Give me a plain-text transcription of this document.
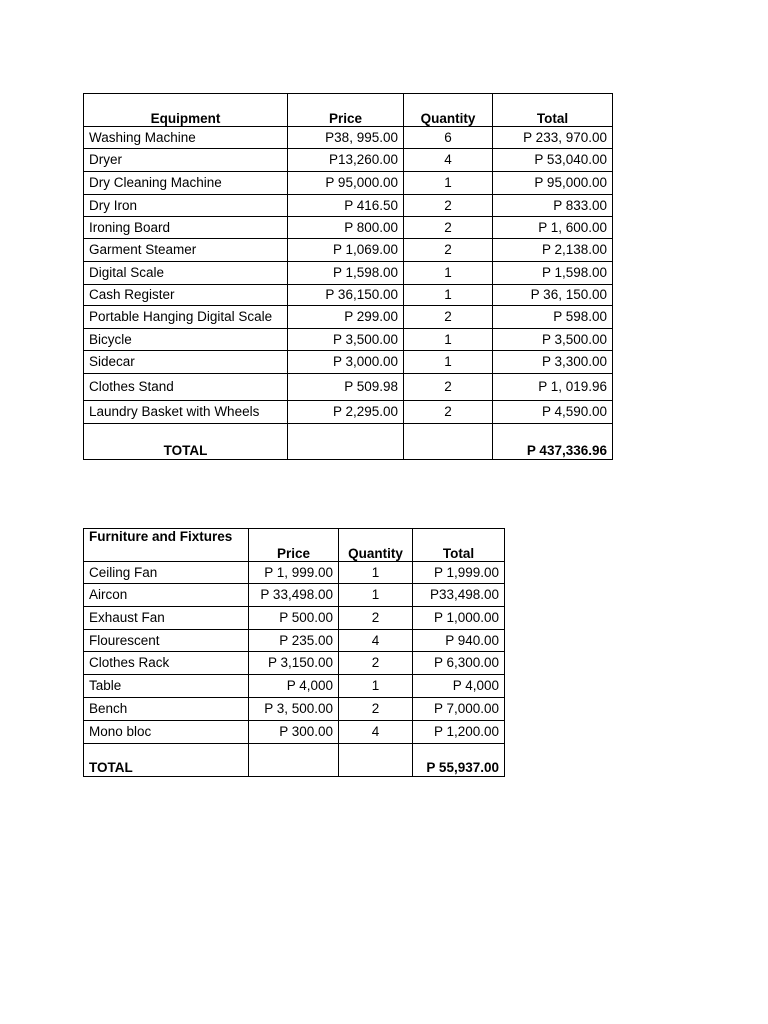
Equipment	Price	Quantity	Total
Washing Machine	P38, 995.00	6	P 233, 970.00
Dryer	P13,260.00	4	P 53,040.00
Dry Cleaning Machine	P 95,000.00	1	P 95,000.00
Dry Iron	P 416.50	2	P 833.00
Ironing Board	P 800.00	2	P 1, 600.00
Garment Steamer	P 1,069.00	2	P 2,138.00
Digital Scale	P 1,598.00	1	P 1,598.00
Cash Register	P 36,150.00	1	P 36, 150.00
Portable Hanging Digital Scale	P 299.00	2	P 598.00
Bicycle	P 3,500.00	1	P 3,500.00
Sidecar	P 3,000.00	1	P 3,300.00
Clothes Stand	P 509.98	2	P 1, 019.96
Laundry Basket with Wheels	P 2,295.00	2	P 4,590.00
TOTAL			P 437,336.96
Furniture and Fixtures	Price	Quantity	Total
Ceiling Fan	P 1, 999.00	1	P 1,999.00
Aircon	P 33,498.00	1	P33,498.00
Exhaust Fan	P 500.00	2	P 1,000.00
Flourescent	P 235.00	4	P 940.00
Clothes Rack	P 3,150.00	2	P 6,300.00
Table	P 4,000	1	P 4,000
Bench	P 3, 500.00	2	P 7,000.00
Mono bloc	P 300.00	4	P 1,200.00
TOTAL			P 55,937.00
